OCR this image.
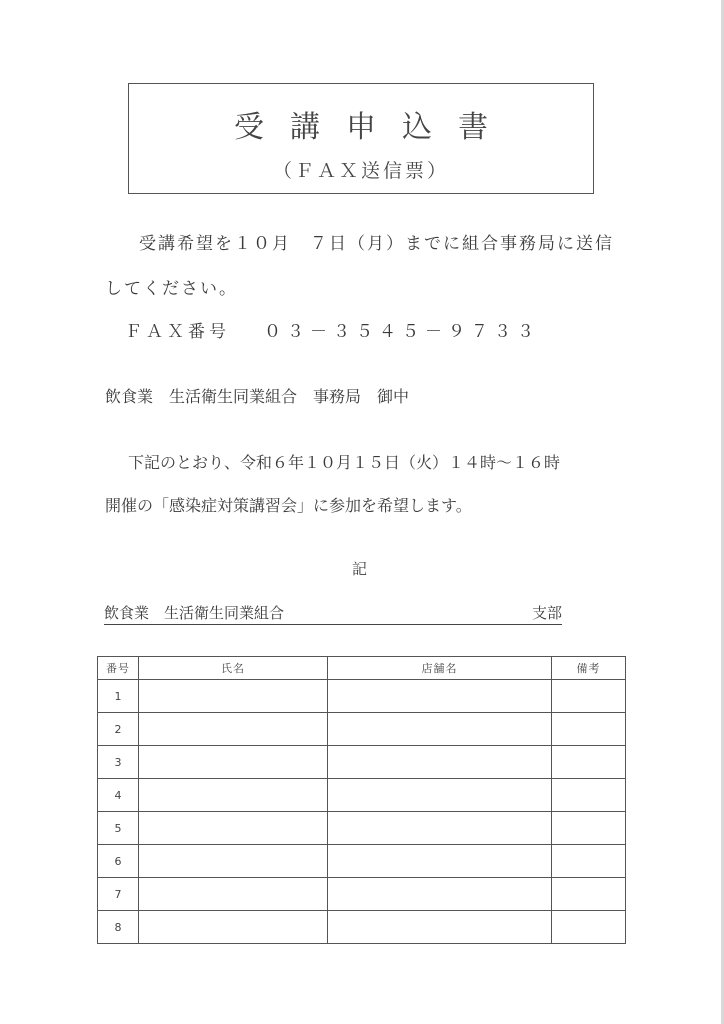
受講申込書
（ＦＡＸ送信票）
　受講希望を１０月　７日（月）までに組合事務局に送信
してください。
ＦＡＸ番号 ０３－３５４５－９７３３
飲食業　生活衛生同業組合　事務局　御中
　下記のとおり、令和６年１０月１５日（火）１４時～１６時
開催の「感染症対策講習会」に参加を希望します。
記
飲食業　生活衛生同業組合	支部
番号	氏名	店舗名	備考
1			
2			
3			
4			
5			
6			
7			
8			
